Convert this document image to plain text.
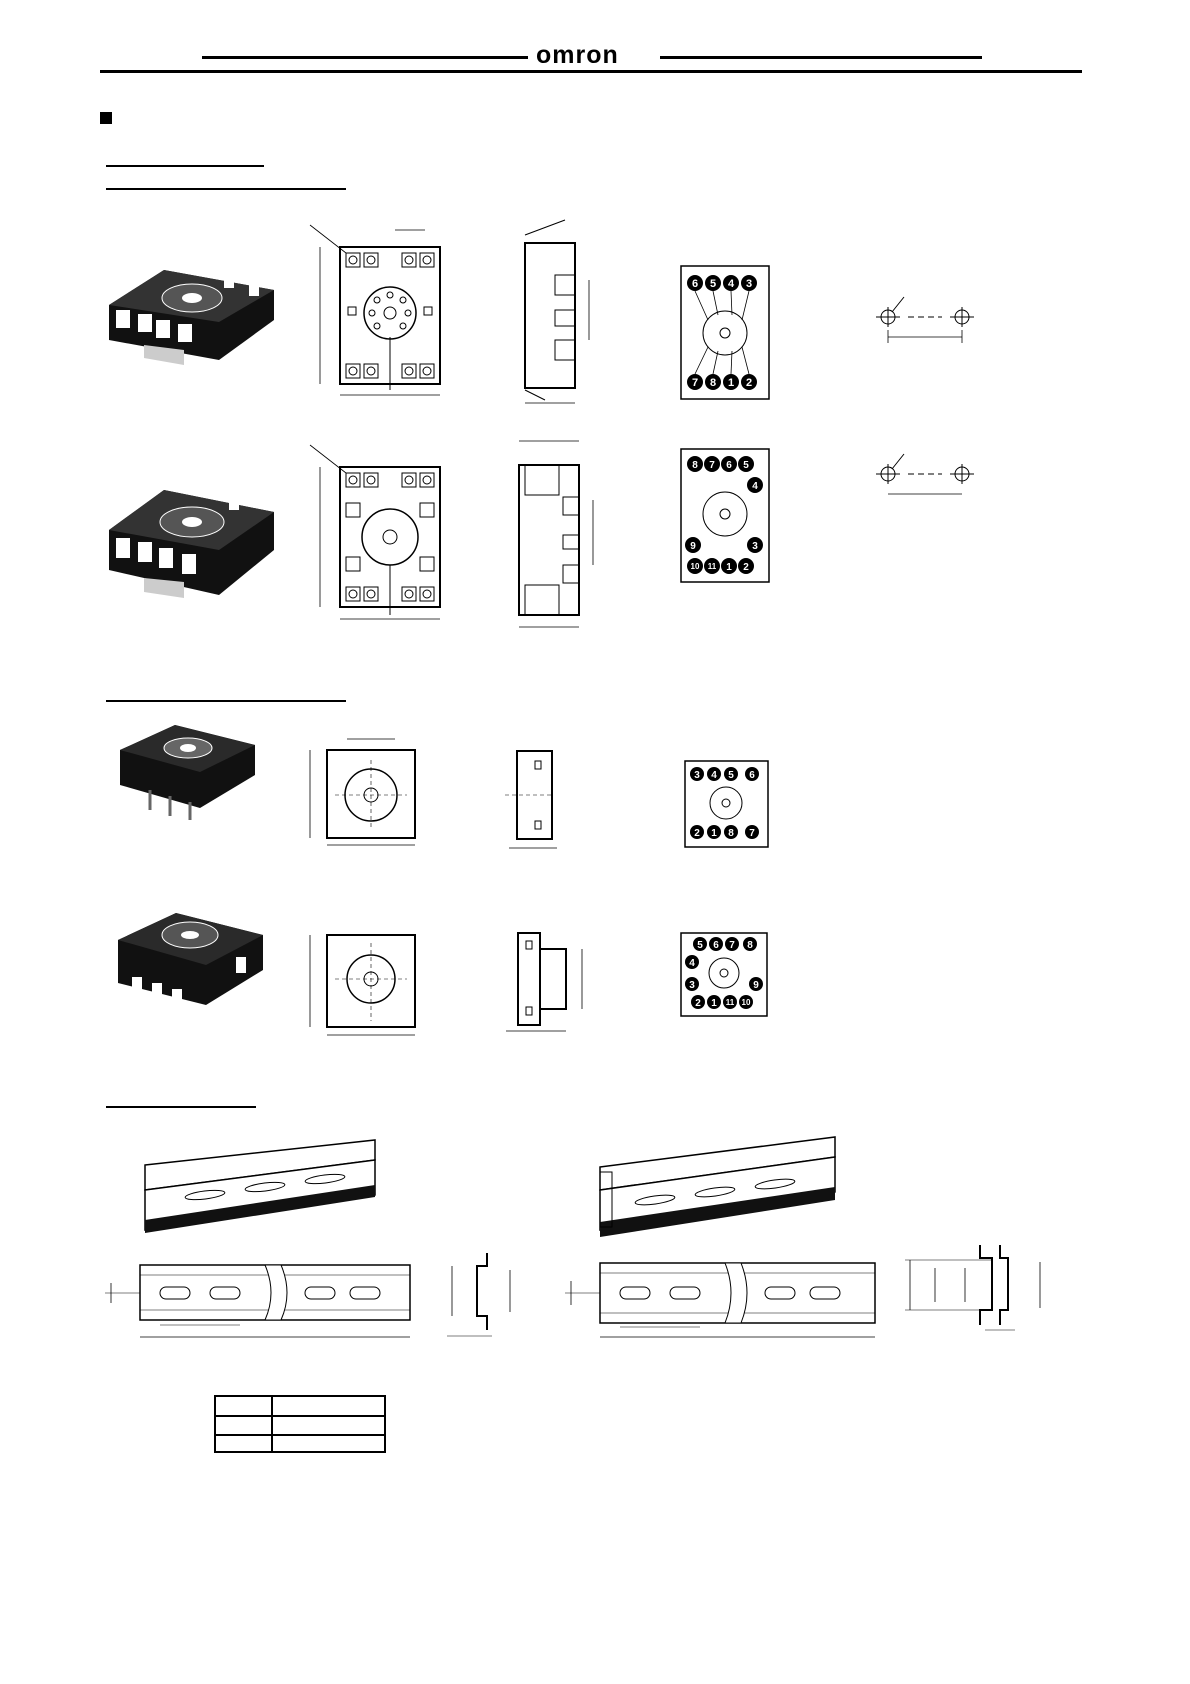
omron
6 5 4 3
7 8 1 2
8 7 6 5
4
9	3
10 11 1 2
3 4 5 6
2 1 8 7
5 6 7 8
4
9
3
2 1 11 10
